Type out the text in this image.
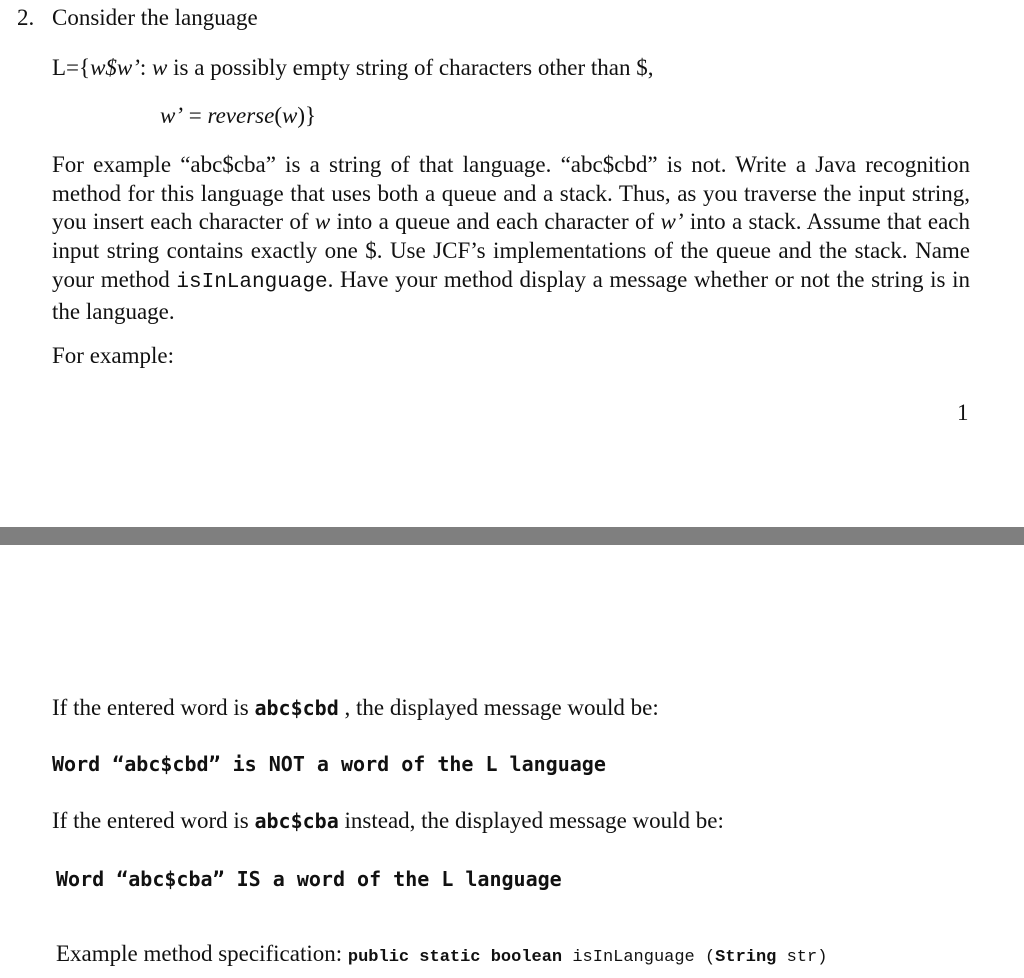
2. Consider the language
L={w$w’: w is a possibly empty string of characters other than $,
w’ = reverse(w)}
For example “abc$cba” is a string of that language. “abc$cbd” is not. Write a Java recognition method for this language that uses both a queue and a stack. Thus, as you traverse the input string, you insert each character of w into a queue and each character of w’ into a stack. Assume that each input string contains exactly one $. Use JCF’s implementations of the queue and the stack. Name your method isInLanguage. Have your method display a message whether or not the string is in the language.
For example:
1
If the entered word is abc$cbd , the displayed message would be:
Word “abc$cbd” is NOT a word of the L language
If the entered word is abc$cba instead, the displayed message would be:
Word “abc$cba” IS a word of the L language
Example method specification: public static boolean isInLanguage (String str)
